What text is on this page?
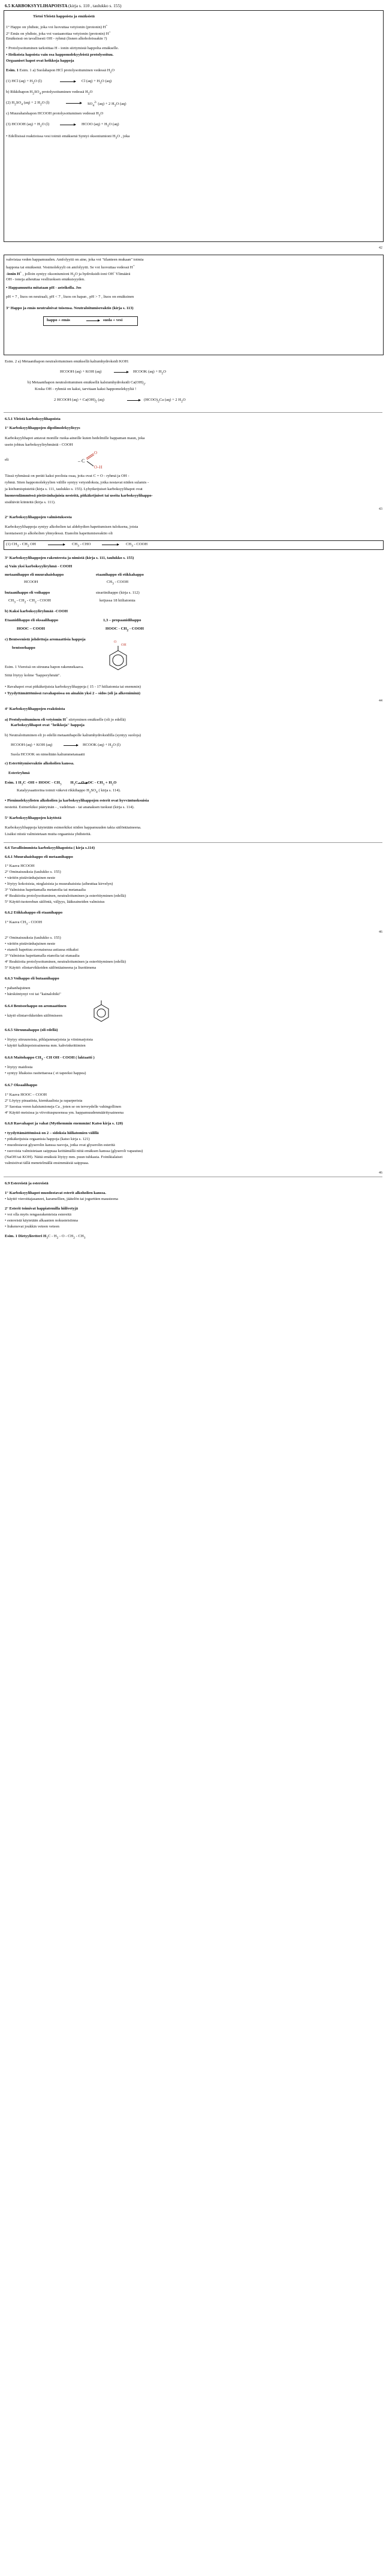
6.5 KARBOKSYYLIHAPOISTA (kirja s. 110 , taulukko s. 155)
Tietoi Yleistä happoista ja emäksistä
1° Happo on yhdiste, joka voi luovuttaa vetyionin (protonin) H+
2° Emäs on yhdiste, joka voi vastaanottaa vetyionin (protonin) H+
Emäksissä on tavallisesti OH - ryhmä (lisnen alkoholeissakin ?)
• Protolysoituminen tarkoittaa H - ionin siirtymistä happolta emäkselle.
• Heikoista hapoista vain osa happomolekyyleistä protolysoituu.
Orgaaniset hapot ovat heikkoja happoja
Esim. 1 Esim. 1 a) Suolahapon HCl protolysoituminen vedessä $H_2O$
(1) HCl $(aq) + H_2O$ (l)	Cl $(aq) + H_3O$ (aq)
b) Rikkihapon $H_2SO_4$ protolysoituminen vedessä $H_2O$
(2) $H_2SO_4$ (aq) + 2 $H_2O$ (l)	$SO_4^{2-}$ (aq) + 2 $H_3O$ (aq)
c) Muurahaishapon HCOOH protolysoituminen vedessä $H_2O$
(3) HCOOH $(aq) + H_2O$ (l)	HCOO $(aq) + H_3O$ (aq)
• Edellisissä reaktioissa vesi toimii emäksenä Syntyi oksoniumioni $H_3O$ , joka
42
vahvistaa veden happamuuden. Amfolyytti on aine, joka voi "tilanteen mukaan" toimia
happona tai emäksenä. Vesimolekyyli on amfolyytti. Se voi luovuttaa vedessä H+
-ionin H+ , jolloin syntyy oksoniumioni $H_3O$ ja hydroksidi-ioni OH- Ylimäärä
OH - ioneja aiheuttaa veslliuoksen emäksisyyden.
• Happamuutta mitataan pH - asteikolla. Jos
pH = 7 , liuos on neutraali, pH < 7 , liuos on hapan , pH > 7 , liuos on emäksinen
3° Happo ja emäs neutraloivat toisensa. Neutraloitumisreaktio (kirja s. 113)
happo + emäs	→ suola + vesi
Esim. 2 a) Metaanihapon neutraloituminen emäksellä kaliumhydroksidi KOH:
HCOOH (aq) + KOH (aq)	→ HCOOK $(aq) + H_2O$
b) Metaanihapon neutraloituminen emäksellä kalsiumhydroksidi $Ca(OH)_2$.
Koska OH - ryhmiä on kaksi, tarvitaan kaksi happomolekyyliä !
2 HCOOH $(aq) + Ca(OH)_2$ (aq)	→ $(HCOO)_2Ca$ (aq) + 2 $H_2O$
6.5.1 Yleistä karboksyylihapoista
1° Karboksyylihappojen dipolimolekyylisyys
Karboksyylihapot antavat monille ruoka-aineille kuten hedelmille happaman maun, joka
usein johtuu karboksyyliryhmästä - COOH
eli	– C
O
O–H
Tässä ryhmässä on peräti kaksi poolista osaa, joita ovat C = O - ryhmä ja OH -
ryhmä. Siten happomolekyylien välille syntyy vetysidoksia, jotka nostavat niiden sulamis -
ja kiehumispisteitä (kirja s. 111, taulukko s. 155). Lyhytketjuiset karboksyylihapot ovat
huoneenlämmössä pistävänhajuisia nesteitä, pitkäketjuiset tai useita karboksyylihappo-
sisältävät kiinteitä (kirja s. 111).
43
2° Karboksyylihappojen valmistuksesta
Karboksyylihappoja syntyy alkoholien tai aldehydien hapettumisen tuloksena, joista
luontaisesti jo alkoholien yhteydessä. Etanolin hapettumisreaktio oli
(1) $CH_3 - CH_2$ OH	$CH_3$ - CHO	$CH_3$ - COOH
3° Karboksyylihappojen rakenteesta ja nimistä (kirja s. 111, taulukko s. 155)
a) Vain yksi karboksyyliryhmä - COOH
metaanihappo eli muurahaishappo	etaanihappo eli etikkahappo
HCOOH	$CH_3$ - COOH
butaanihappo eli voihappo	steariinihappo (kirja s. 112)
$CH_3 - CH_2 - CH_2$ - COOH	ketjussa 18 hiiliatomia
b) Kaksi karboksyyliryhmää -COOH
Etaanidihappo eli oksaalihappo	1,3 – propaanidihappo
HOOC – COOH	HOOC - $CH_2$ - COOH
c) Bentseenistä johdettuja aromaattisia happoja
bentsoehappo
O
OH
Esim. 1 Viereisä on sitruuna hapon rakennekaava.
Siitä löytyy kolme "happoryhmää".
• Ravahapot ovat pitkäketjuisia karboksyylihappoja ( 15 - 17 hiiliatomia tai enemmin)
• Tyydyttämättömissä ravahapoissa on ainakin yksi 2 – sidos (oli ja alkeeniminä)
44
4° Karboksyylihappojen reaktioista
a) Protolysoituminen eli vetyionin H+ siirtyminen emäkselle (oli jo edellä)
Karboksyylihapot ovat "heikkoja" happoja
b) Neutraloituminen eli jo edellä metaanihapolle kaliumhydroksidilla (syntyy suoloja)
HCOOH (aq) + KOH (aq)	→ HCOOK $(aq) + H_2O$ (l)
Suola HCOOK on nimeltään kaliummetanaatti
c) Esteröitymisreaktio alkoholien kanssa.
Esteriryhmä
Esim. 1 $H_3C$ -OH + HOOC - $CH_3$ $H_3C$ - O - OC - $CH_3 + H_2O$
Katalyysaattorina toimii väkevä rikkihappo $H_2SO_4$ ( kirja s. 114).
• Pienimolekyylisten alkoholien ja karboksyylihappojen esterit ovat hyvväntuoksuisia
nesteitä. Esimerkiksi pääryinän - , vadelman - tai ananaksen tuoksut (kirja s. 114).
5° Karboksyylihappojen käytöstä
Karboksyylihappoja käytetään esimerkiksi niiden happamuuden takia säilöntäaineena.
Lisäksi niistä valmistetaan muita orgaanisia yhdisteitä.
6.6 Tavallisimmista karboksyylihapoista ( kirja s.114)
6.6.1 Muurahaishappo eli metaanihappo
1° Kaava HCOOH
2° Ominaisuuksia (taulukko s. 155)
• väritön pistävänhajuinen neste
• löytyy kokoisista, nieglaisista ja muurahaisista (aiheuttaa kirvelyn)
3° Valmistus hapettamalla metanolia tai metanaalia
4° Reaktioita protolysoituminen, neutraloituminen ja esteröityminen (edellä)
5° Käyttö:tuoterehun säilöntä, väljyys, lääkeaineiden valmistus
6.6.2 Etikkahappo eli etaanihappo
1° Kaava $CH_3$ - COOH
46
2° Ominaisuuksia (taulukko s. 155)
• väritön pistävänhajuinen neste
• etanoli hapettuu avonaisessa astiassa etikaksi
3° Valmistus hapettamalla etanolia tai etanaalia
4° Reaktioita protolysoituminen, neutraloituminen ja esteröityminen (edellä)
5° Käyttö: elintarvikkeiden säilöntäaineena ja liuottimena
6.6.3 Voihappo eli butaanihappo
• pahanhajuinen
• härskiintynyt voi tai "kainalohiki"
6.6.4 Bentsoehappo on aromaattinen
• käytö elintarvikkeiden säilömiseen
6.6.5 Sitruunahappo (oli edellä)
• löytyy sitruunoista, pihlajanmarjoista ja viinimarjoista
• käyttö kalkinpoistoaineena mm. kahvinkeittimien
6.6.6 Maitohappo $CH_3$ - CH OH - COOH ( laktaatti )
• löytyy maidosta
• syntyy lihaksiss rasitettaessa ( ei tapeeksi happea)
6.6.7 Oksaalihappo
1° Kaava HOOC – COOH
2° Löytyy pinaatista, kiemkaalista ja raparperista
3° Saostaa veren kalsiumioneja Ca , joten se on terveydelle vahingollinen
4° Käyttö metsissa ja viivoituspuoenssa ym. happamuudenmääritysaineena
6.6.8 Rasvahapot ja vahat (Myöhemmin enemmän! Katso kirja s. 120)
• tyydyttämättömissä on 2 – sidoksia hiiliatomien välillä
• pitkäketjuisia orgaanisia happoja (katso kirja s. 121)
• muodostavat glyserolin kanssa rasvoja, jotka ovat glyserolin esteritä
• rasvoista valmistetaan saippuaa keittämällä niitä emäksen kanssa (glyseroli vapautuu)
(NaOH tai KOH). Näitä emäksiä löytyy mm. puun tuhkasta. Foinikialaiset
valmistivat tällä menetelmällä ensimmäisiä saippuaa.
46
6.9 Estereistä ja estereistä
1° Karboksyylihapot muodostavat esterit alkoholien kanssa.
• käyttö vieroittajasaneet, karamellien, jäätelön tai jogurttien mausteena
2° Esterit toimivat happiatemilla hiilivetyjä
• voi olla myös rengasrakenteisia estereitä
• estereistä käytetään alkaanien nokusteisiinna
• liukenevat joukkin veteen veteen
Esim. 1 Dietyylieetteri $H_3C - H_2$ - O - $CH_2 - CH_3$
